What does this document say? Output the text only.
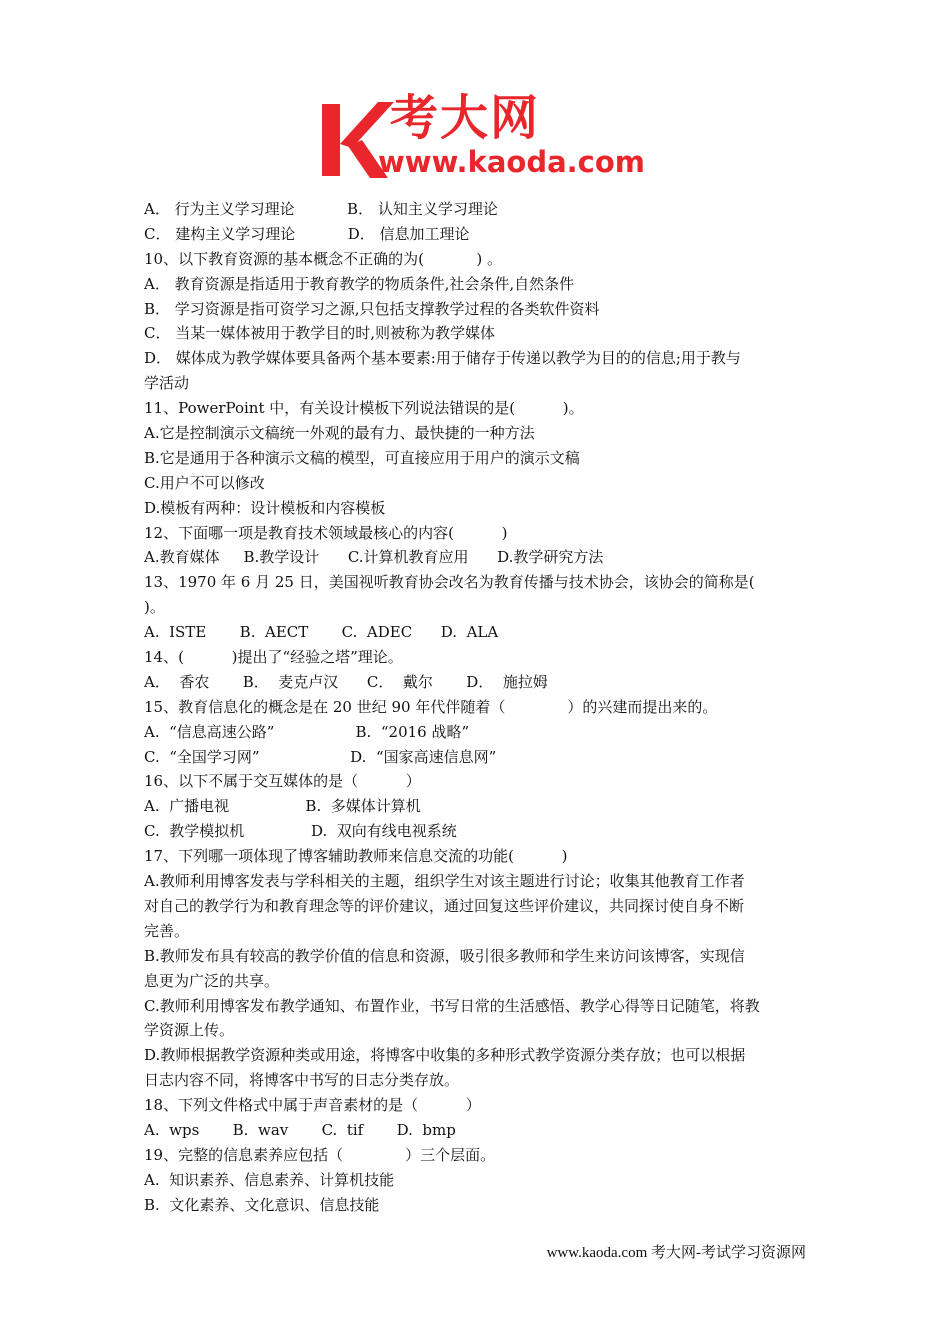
考大网
www.kaoda.com
A． 行为主义学习理论           B． 认知主义学习理论
C． 建构主义学习理论           D． 信息加工理论
10、以下教育资源的基本概念不正确的为(           ) 。
A． 教育资源是指适用于教育教学的物质条件,社会条件,自然条件
B． 学习资源是指可资学习之源,只包括支撑教学过程的各类软件资料
C． 当某一媒体被用于教学目的时,则被称为教学媒体
D． 媒体成为教学媒体要具备两个基本要素:用于储存于传递以教学为目的的信息;用于教与
学活动
11、PowerPoint 中，有关设计模板下列说法错误的是(          )。
A.它是控制演示文稿统一外观的最有力、最快捷的一种方法
B.它是通用于各种演示文稿的模型，可直接应用于用户的演示文稿
C.用户不可以修改
D.模板有两种：设计模板和内容模板
12、下面哪一项是教育技术领域最核心的内容(          )
A.教育媒体     B.教学设计      C.计算机教育应用      D.教学研究方法
13、1970 年 6 月 25 日，美国视听教育协会改名为教育传播与技术协会，该协会的简称是(
)。
A.  ISTE       B.  AECT       C.  ADEC      D.  ALA
14、(          )提出了“经验之塔”理论。
A．  香农       B．  麦克卢汉      C．  戴尔       D．  施拉姆
15、教育信息化的概念是在 20 世纪 90 年代伴随着（             ）的兴建而提出来的。
A.  “信息高速公路”                 B.  “2016 战略”
C.  “全国学习网”                   D.  “国家高速信息网”
16、以下不属于交互媒体的是（          ）
A.  广播电视                B.  多媒体计算机
C.  教学模拟机              D.  双向有线电视系统
17、下列哪一项体现了博客辅助教师来信息交流的功能(          )
A.教师利用博客发表与学科相关的主题，组织学生对该主题进行讨论；收集其他教育工作者
对自己的教学行为和教育理念等的评价建议，通过回复这些评价建议，共同探讨使自身不断
完善。
B.教师发布具有较高的教学价值的信息和资源，吸引很多教师和学生来访问该博客，实现信
息更为广泛的共享。
C.教师利用博客发布教学通知、布置作业，书写日常的生活感悟、教学心得等日记随笔，将教
学资源上传。
D.教师根据教学资源种类或用途，将博客中收集的多种形式教学资源分类存放；也可以根据
日志内容不同，将博客中书写的日志分类存放。
18、下列文件格式中属于声音素材的是（          ）
A.  wps       B.  wav       C.  tif       D.  bmp
19、完整的信息素养应包括（             ）三个层面。
A.  知识素养、信息素养、计算机技能
B.  文化素养、文化意识、信息技能
www.kaoda.com 考大网-考试学习资源网
